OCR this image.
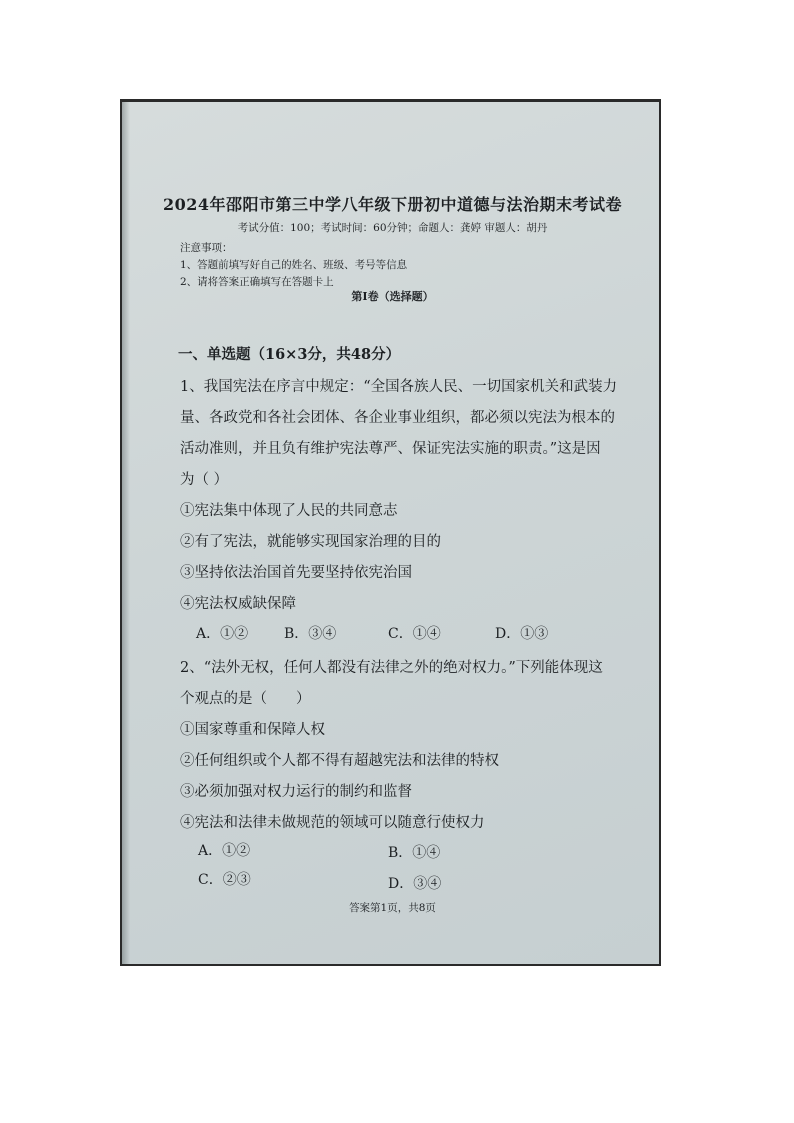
2024年邵阳市第三中学八年级下册初中道德与法治期末考试卷
考试分值：100；考试时间：60分钟；命题人：龚婷 审题人：胡丹
注意事项：
1、答题前填写好自己的姓名、班级、考号等信息
2、请将答案正确填写在答题卡上
第Ⅰ卷（选择题）
一、单选题（16×3分，共48分）
1、我国宪法在序言中规定：“全国各族人民、一切国家机关和武装力
量、各政党和各社会团体、各企业事业组织，都必须以宪法为根本的
活动准则，并且负有维护宪法尊严、保证宪法实施的职责。”这是因
为（ ）
①宪法集中体现了人民的共同意志
②有了宪法，就能够实现国家治理的目的
③坚持依法治国首先要坚持依宪治国
④宪法权威缺保障
A．①②	B．③④	C．①④	D．①③
2、“法外无权，任何人都没有法律之外的绝对权力。”下列能体现这
个观点的是（　　）
①国家尊重和保障人权
②任何组织或个人都不得有超越宪法和法律的特权
③必须加强对权力运行的制约和监督
④宪法和法律未做规范的领域可以随意行使权力
A．①②	B．①④
C．②③	D．③④
答案第1页，共8页
